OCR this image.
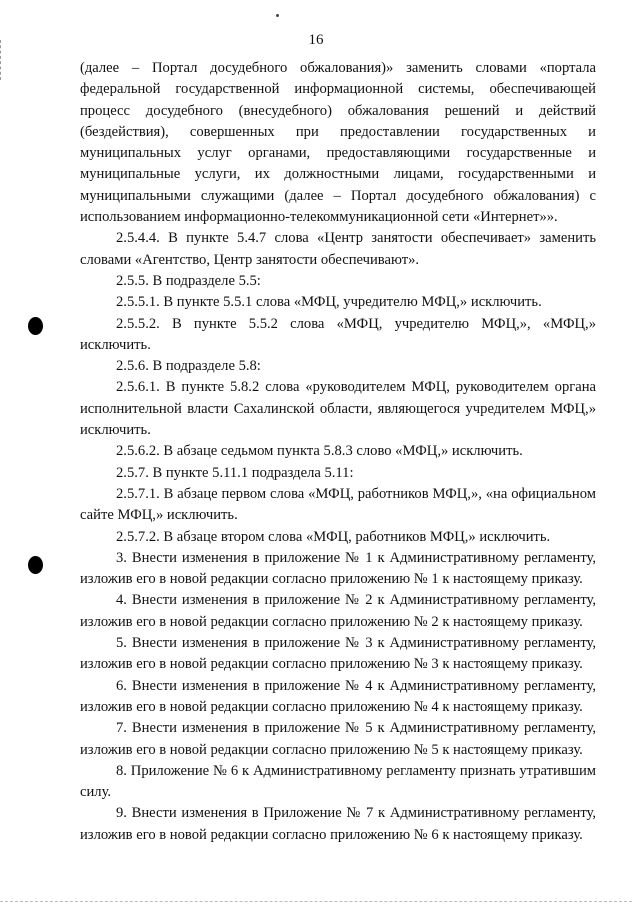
16

(далее – Портал досудебного обжалования)» заменить словами «портала федеральной государственной информационной системы, обеспечивающей процесс досудебного (внесудебного) обжалования решений и действий (бездействия), совершенных при предоставлении государственных и муниципальных услуг органами, предоставляющими государственные и муниципальные услуги, их должностными лицами, государственными и муниципальными служащими (далее – Портал досудебного обжалования) с использованием информационно-телекоммуникационной сети «Интернет»».

2.5.4.4. В пункте 5.4.7 слова «Центр занятости обеспечивает» заменить словами «Агентство, Центр занятости обеспечивают».

2.5.5. В подразделе 5.5:

2.5.5.1. В пункте 5.5.1 слова «МФЦ, учредителю МФЦ,» исключить.

2.5.5.2. В пункте 5.5.2 слова «МФЦ, учредителю МФЦ,», «МФЦ,» исключить.

2.5.6. В подразделе 5.8:

2.5.6.1. В пункте 5.8.2 слова «руководителем МФЦ, руководителем органа исполнительной власти Сахалинской области, являющегося учредителем МФЦ,» исключить.

2.5.6.2. В абзаце седьмом пункта 5.8.3 слово «МФЦ,» исключить.

2.5.7. В пункте 5.11.1 подраздела 5.11:

2.5.7.1. В абзаце первом слова «МФЦ, работников МФЦ,», «на официальном сайте МФЦ,» исключить.

2.5.7.2. В абзаце втором слова «МФЦ, работников МФЦ,» исключить.

3. Внести изменения в приложение № 1 к Административному регламенту, изложив его в новой редакции согласно приложению № 1 к настоящему приказу.

4. Внести изменения в приложение № 2 к Административному регламенту, изложив его в новой редакции согласно приложению № 2 к настоящему приказу.

5. Внести изменения в приложение № 3 к Административному регламенту, изложив его в новой редакции согласно приложению № 3 к настоящему приказу.

6. Внести изменения в приложение № 4 к Административному регламенту, изложив его в новой редакции согласно приложению № 4 к настоящему приказу.

7. Внести изменения в приложение № 5 к Административному регламенту, изложив его в новой редакции согласно приложению № 5 к настоящему приказу.

8. Приложение № 6 к Административному регламенту признать утратившим силу.

9. Внести изменения в Приложение № 7 к Административному регламенту, изложив его в новой редакции согласно приложению № 6 к настоящему приказу.
